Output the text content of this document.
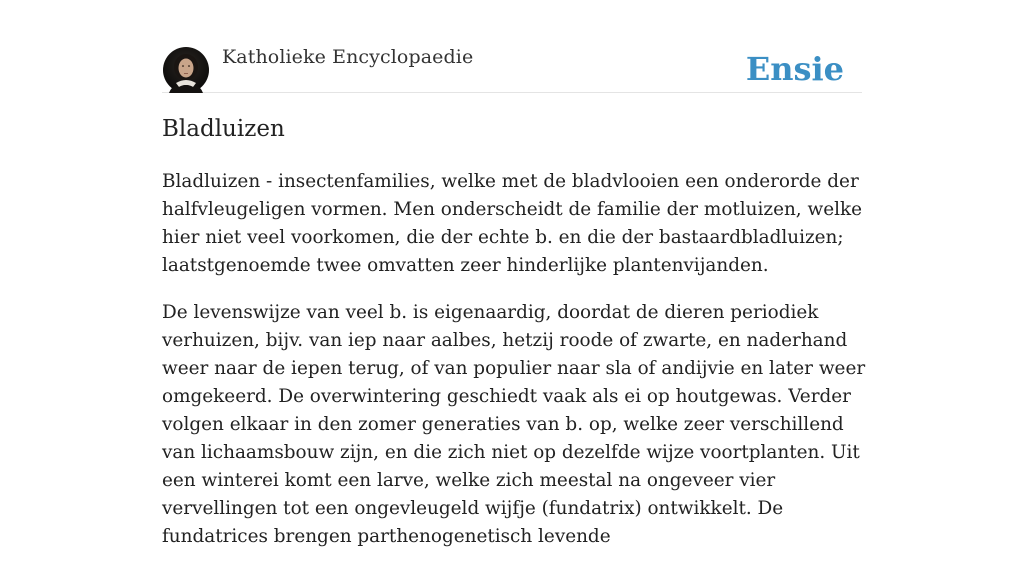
Katholieke Encyclopaedie	Ensie
Bladluizen

Bladluizen - insectenfamilies, welke met de bladvlooien een onderorde der halfvleugeligen vormen. Men onderscheidt de familie der motluizen, welke hier niet veel voorkomen, die der echte b. en die der bastaardbladluizen; laatstgenoemde twee omvatten zeer hinderlijke plantenvijanden.

De levenswijze van veel b. is eigenaardig, doordat de dieren periodiek verhuizen, bijv. van iep naar aalbes, hetzij roode of zwarte, en naderhand weer naar de iepen terug, of van populier naar sla of andijvie en later weer omgekeerd. De overwintering geschiedt vaak als ei op houtgewas. Verder volgen elkaar in den zomer generaties van b. op, welke zeer verschillend van lichaamsbouw zijn, en die zich niet op dezelfde wijze voortplanten. Uit een winterei komt een larve, welke zich meestal na ongeveer vier vervellingen tot een ongevleugeld wijfje (fundatrix) ontwikkelt. De fundatrices brengen parthenogenetisch levende
